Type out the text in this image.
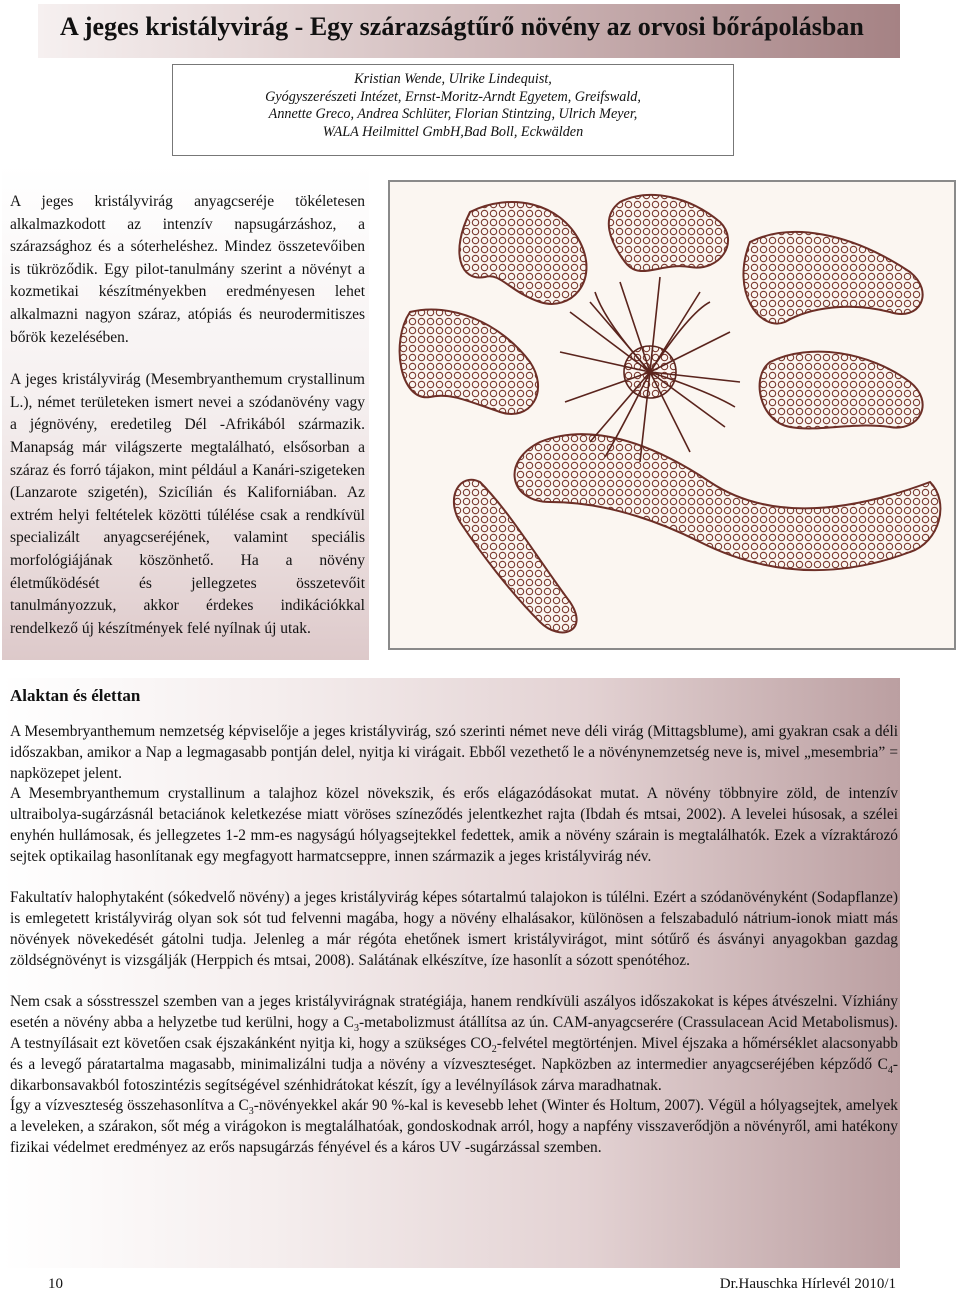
A jeges kristályvirág - Egy szárazságtűrő növény az orvosi bőrápolásban
Kristian Wende, Ulrike Lindequist,
Gyógyszerészeti Intézet, Ernst-Moritz-Arndt Egyetem, Greifswald,
Annette Greco, Andrea Schlüter, Florian Stintzing, Ulrich Meyer,
WALA Heilmittel GmbH,Bad Boll, Eckwälden

A jeges kristályvirág anyagcseréje tökéletesen alkalmazkodott az intenzív napsugárzáshoz, a szárazsághoz és a sóterheléshez. Mindez összetevőiben is tükröződik. Egy pilot-tanulmány szerint a növényt a kozmetikai készítményekben eredményesen lehet alkalmazni nagyon száraz, atópiás és neurodermitiszes bőrök kezelésében.

A jeges kristályvirág (Mesembryanthemum crystallinum L.), német területeken ismert nevei a szódanövény vagy a jégnövény, eredetileg Dél -Afrikából származik. Manapság már világszerte megtalálható, elsősorban a száraz és forró tájakon, mint például a Kanári-szigeteken (Lanzarote szigetén), Szicílián és Kaliforniában. Az extrém helyi feltételek közötti túlélése csak a rendkívül specializált anyagcseréjének, valamint speciális morfológiájának köszönhető. Ha a növény életműködését és jellegzetes összetevőit tanulmányozzuk, akkor érdekes indikációkkal rendelkező új készítmények felé nyílnak új utak.

Alaktan és élettan

A Mesembryanthemum nemzetség képviselője a jeges kristályvirág, szó szerinti német neve déli virág (Mittagsblume), ami gyakran csak a déli időszakban, amikor a Nap a legmagasabb pontján delel, nyitja ki virágait. Ebből vezethető le a növénynemzetség neve is, mivel „mesembria” = napközepet jelent.

A Mesembryanthemum crystallinum a talajhoz közel növekszik, és erős elágazódásokat mutat. A növény többnyire zöld, de intenzív ultraibolya-sugárzásnál betaciánok keletkezése miatt vöröses színeződés jelentkezhet rajta (Ibdah és mtsai, 2002). A levelei húsosak, a szélei enyhén hullámosak, és jellegzetes 1-2 mm-es nagyságú hólyagsejtekkel fedettek, amik a növény szárain is megtalálhatók. Ezek a vízraktározó sejtek optikailag hasonlítanak egy megfagyott harmatcseppre, innen származik a jeges kristályvirág név.

Fakultatív halophytaként (sókedvelő növény) a jeges kristályvirág képes sótartalmú talajokon is túlélni. Ezért a szódanövényként (Sodapflanze) is emlegetett kristályvirág olyan sok sót tud felvenni magába, hogy a növény elhalásakor, különösen a felszabaduló nátrium-ionok miatt más növények növekedését gátolni tudja. Jelenleg a már régóta ehetőnek ismert kristályvirágot, mint sótűrő és ásványi anyagokban gazdag zöldségnövényt is vizsgálják (Herppich és mtsai, 2008). Salátának elkészítve, íze hasonlít a sózott spenótéhoz.

Nem csak a sósstresszel szemben van a jeges kristályvirágnak stratégiája, hanem rendkívüli aszályos időszakokat is képes átvészelni. Vízhiány esetén a növény abba a helyzetbe tud kerülni, hogy a $C_3$-metabolizmust átállítsa az ún. CAM-anyagcserére (Crassulacean Acid Metabolismus). A testnyílásait ezt követően csak éjszakánként nyitja ki, hogy a szükséges $CO_2$-felvétel megtörténjen. Mivel éjszaka a hőmérséklet alacsonyabb és a levegő páratartalma magasabb, minimalizálni tudja a növény a vízveszteséget. Napközben az intermedier anyagcseréjében képződő $C_4$-dikarbonsavakból fotoszintézis segítségével szénhidrátokat készít, így a levélnyílások zárva maradhatnak.

Így a vízveszteség összehasonlítva a $C_3$-növényekkel akár 90 %-kal is kevesebb lehet (Winter és Holtum, 2007). Végül a hólyagsejtek, amelyek a leveleken, a szárakon, sőt még a virágokon is megtalálhatóak, gondoskodnak arról, hogy a napfény visszaverődjön a növényről, ami hatékony fizikai védelmet eredményez az erős napsugárzás fényével és a káros UV -sugárzással szemben.

10	Dr.Hauschka Hírlevél 2010/1
